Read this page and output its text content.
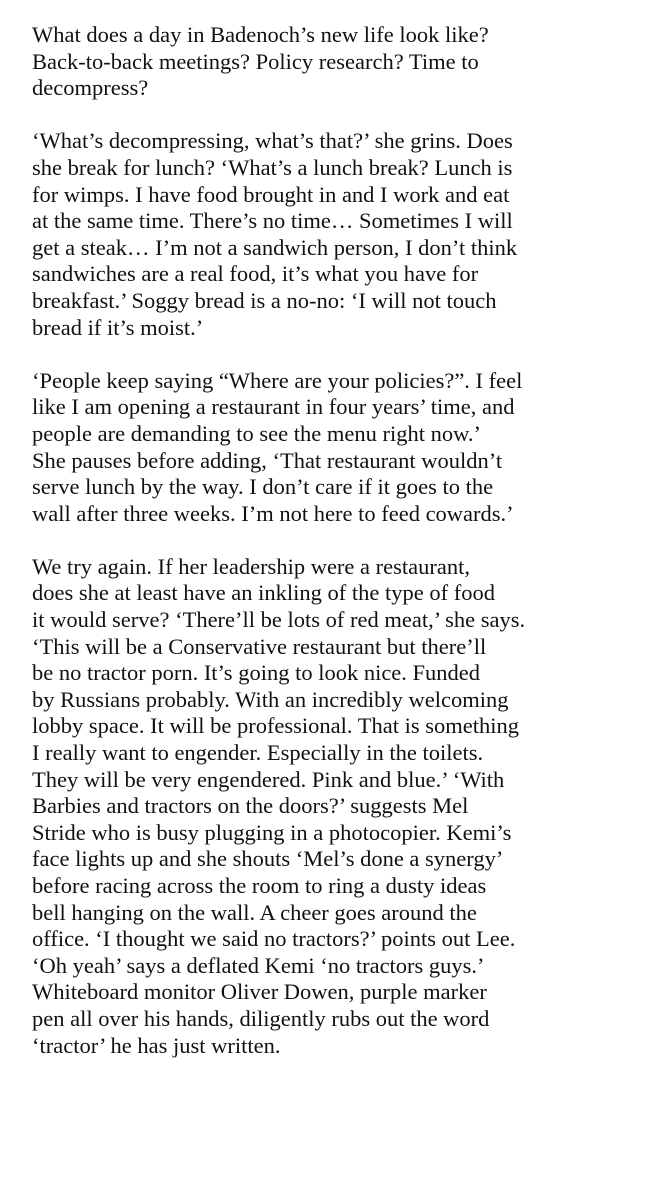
What does a day in Badenoch’s new life look like?
Back-to-back meetings? Policy research? Time to
decompress?

‘What’s decompressing, what’s that?’ she grins. Does
she break for lunch? ‘What’s a lunch break? Lunch is
for wimps. I have food brought in and I work and eat
at the same time. There’s no time… Sometimes I will
get a steak… I’m not a sandwich person, I don’t think
sandwiches are a real food, it’s what you have for
breakfast.’ Soggy bread is a no-no: ‘I will not touch
bread if it’s moist.’

‘People keep saying “Where are your policies?”. I feel
like I am opening a restaurant in four years’ time, and
people are demanding to see the menu right now.’
She pauses before adding, ‘That restaurant wouldn’t
serve lunch by the way. I don’t care if it goes to the
wall after three weeks. I’m not here to feed cowards.’

We try again. If her leadership were a restaurant,
does she at least have an inkling of the type of food
it would serve? ‘There’ll be lots of red meat,’ she says.
‘This will be a Conservative restaurant but there’ll
be no tractor porn. It’s going to look nice. Funded
by Russians probably. With an incredibly welcoming
lobby space. It will be professional. That is something
I really want to engender. Especially in the toilets.
They will be very engendered. Pink and blue.’ ‘With
Barbies and tractors on the doors?’ suggests Mel
Stride who is busy plugging in a photocopier. Kemi’s
face lights up and she shouts ‘Mel’s done a synergy’
before racing across the room to ring a dusty ideas
bell hanging on the wall. A cheer goes around the
office. ‘I thought we said no tractors?’ points out Lee.
‘Oh yeah’ says a deflated Kemi ‘no tractors guys.’
Whiteboard monitor Oliver Dowen, purple marker
pen all over his hands, diligently rubs out the word
‘tractor’ he has just written.
